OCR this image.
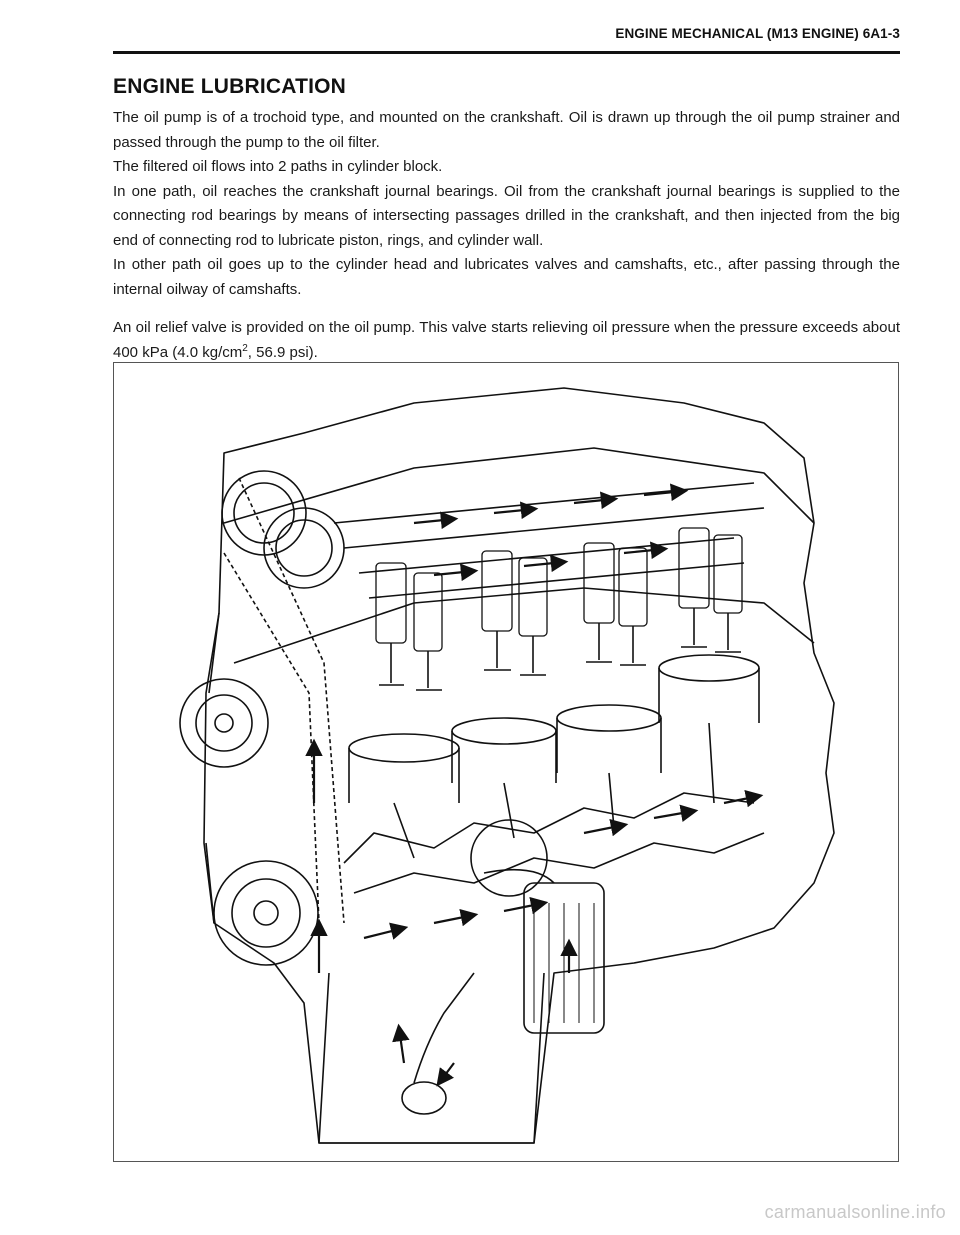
ENGINE MECHANICAL (M13 ENGINE) 6A1-3
ENGINE LUBRICATION

The oil pump is of a trochoid type, and mounted on the crankshaft. Oil is drawn up through the oil pump strainer and passed through the pump to the oil filter.

The filtered oil flows into 2 paths in cylinder block.

In one path, oil reaches the crankshaft journal bearings. Oil from the crankshaft journal bearings is supplied to the connecting rod bearings by means of intersecting passages drilled in the crankshaft, and then injected from the big end of connecting rod to lubricate piston, rings, and cylinder wall.

In other path oil goes up to the cylinder head and lubricates valves and camshafts, etc., after passing through the internal oilway of camshafts.

An oil relief valve is provided on the oil pump. This valve starts relieving oil pressure when the pressure exceeds about 400 kPa (4.0 $kg/cm^2$, 56.9 psi).

carmanualsonline.info
